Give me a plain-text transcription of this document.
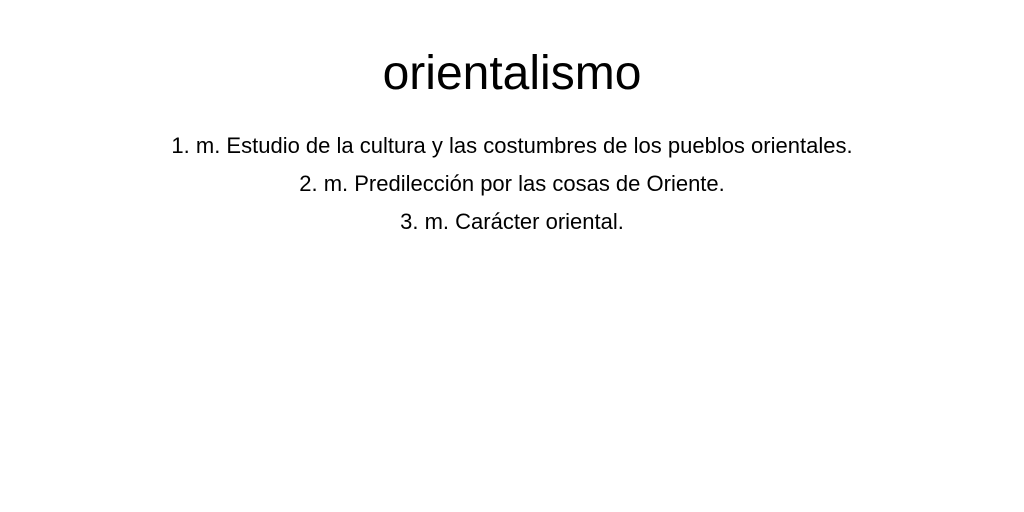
orientalismo
1. m. Estudio de la cultura y las costumbres de los pueblos orientales.
2. m. Predilección por las cosas de Oriente.
3. m. Carácter oriental.
